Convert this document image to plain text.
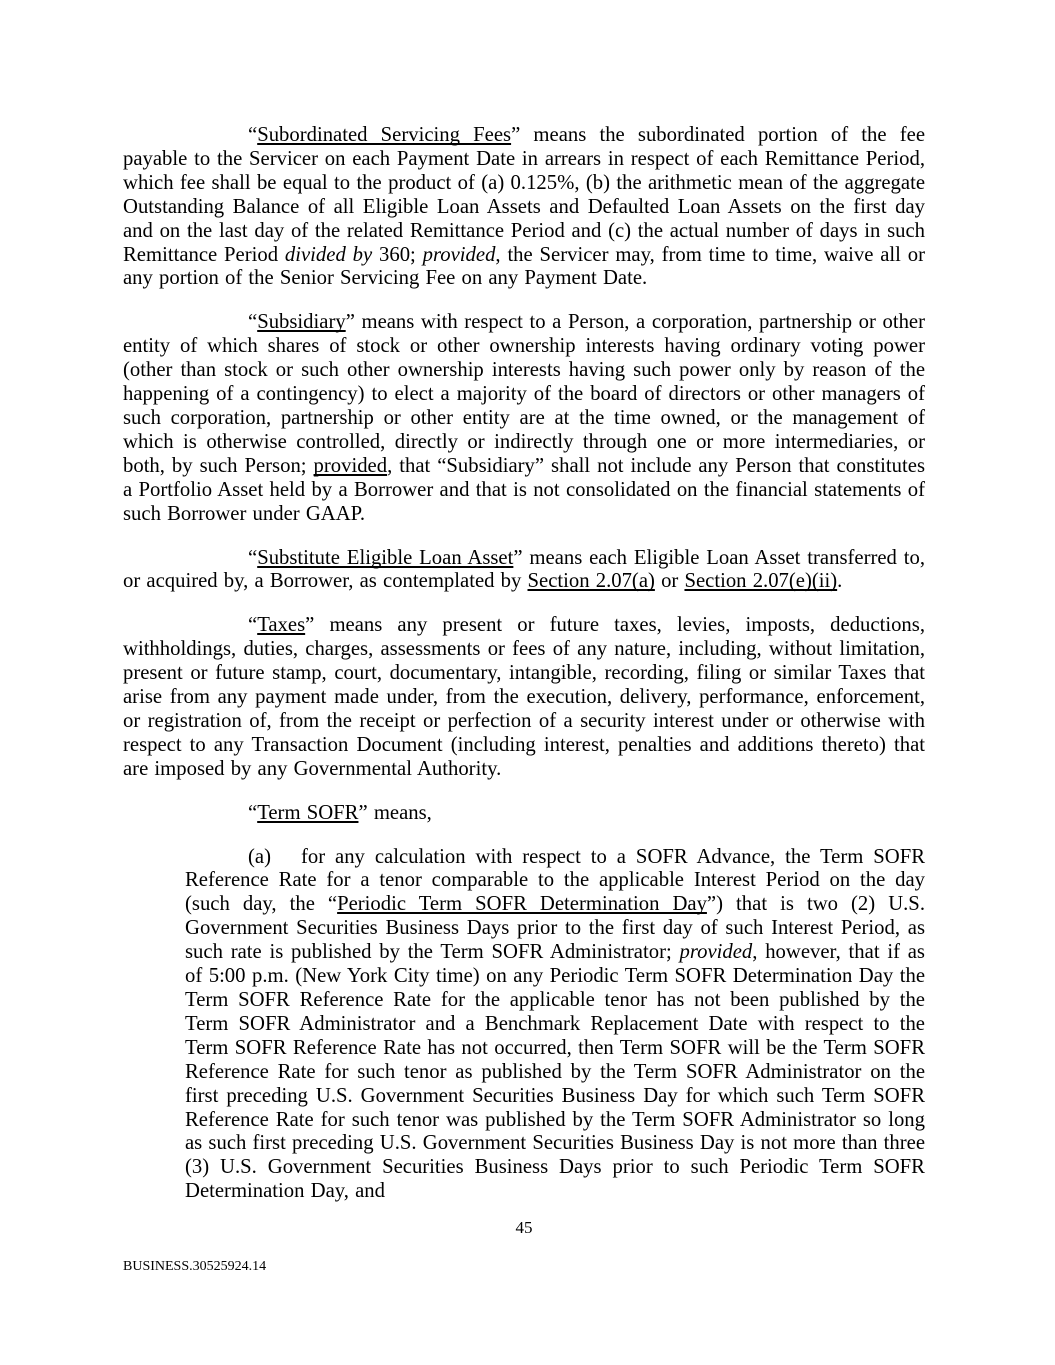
“Subordinated Servicing Fees” means the subordinated portion of the fee payable to the Servicer on each Payment Date in arrears in respect of each Remittance Period, which fee shall be equal to the product of (a) 0.125%, (b) the arithmetic mean of the aggregate Outstanding Balance of all Eligible Loan Assets and Defaulted Loan Assets on the first day and on the last day of the related Remittance Period and (c) the actual number of days in such Remittance Period divided by 360; provided, the Servicer may, from time to time, waive all or any portion of the Senior Servicing Fee on any Payment Date.

“Subsidiary” means with respect to a Person, a corporation, partnership or other entity of which shares of stock or other ownership interests having ordinary voting power (other than stock or such other ownership interests having such power only by reason of the happening of a contingency) to elect a majority of the board of directors or other managers of such corporation, partnership or other entity are at the time owned, or the management of which is otherwise controlled, directly or indirectly through one or more intermediaries, or both, by such Person; provided, that “Subsidiary” shall not include any Person that constitutes a Portfolio Asset held by a Borrower and that is not consolidated on the financial statements of such Borrower under GAAP.

“Substitute Eligible Loan Asset” means each Eligible Loan Asset transferred to, or acquired by, a Borrower, as contemplated by Section 2.07(a) or Section 2.07(e)(ii).

“Taxes” means any present or future taxes, levies, imposts, deductions, withholdings, duties, charges, assessments or fees of any nature, including, without limitation, present or future stamp, court, documentary, intangible, recording, filing or similar Taxes that arise from any payment made under, from the execution, delivery, performance, enforcement, or registration of, from the receipt or perfection of a security interest under or otherwise with respect to any Transaction Document (including interest, penalties and additions thereto) that are imposed by any Governmental Authority.

“Term SOFR” means,

(a) for any calculation with respect to a SOFR Advance, the Term SOFR Reference Rate for a tenor comparable to the applicable Interest Period on the day (such day, the “Periodic Term SOFR Determination Day”) that is two (2) U.S. Government Securities Business Days prior to the first day of such Interest Period, as such rate is published by the Term SOFR Administrator; provided, however, that if as of 5:00 p.m. (New York City time) on any Periodic Term SOFR Determination Day the Term SOFR Reference Rate for the applicable tenor has not been published by the Term SOFR Administrator and a Benchmark Replacement Date with respect to the Term SOFR Reference Rate has not occurred, then Term SOFR will be the Term SOFR Reference Rate for such tenor as published by the Term SOFR Administrator on the first preceding U.S. Government Securities Business Day for which such Term SOFR Reference Rate for such tenor was published by the Term SOFR Administrator so long as such first preceding U.S. Government Securities Business Day is not more than three (3) U.S. Government Securities Business Days prior to such Periodic Term SOFR Determination Day, and

45
BUSINESS.30525924.14
